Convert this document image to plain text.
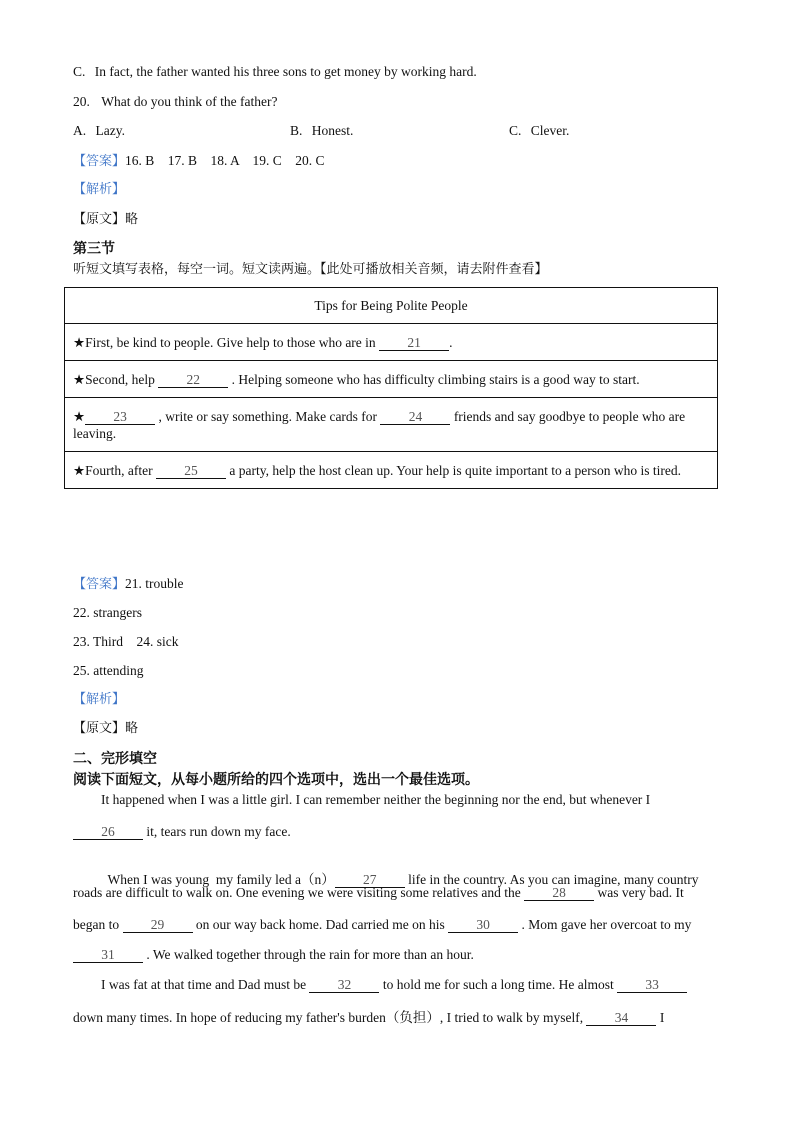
C. In fact, the father wanted his three sons to get money by working hard.
20. What do you think of the father?
A. Lazy.	B. Honest.	C. Clever.
【答案】16. B    17. B    18. A    19. C    20. C
【解析】
【原文】略
第三节
听短文填写表格，每空一词。短文读两遍。【此处可播放相关音频，请去附件查看】
Tips for Being Polite People
★First, be kind to people. Give help to those who are in 21 .
★Second, help 22 . Helping someone who has difficulty climbing stairs is a good way to start.
★ 23 , write or say something. Make cards for 24 friends and say goodbye to people who are leaving.
★Fourth, after 25 a party, help the host clean up. Your help is quite important to a person who is tired.
【答案】21. trouble
22. strangers
23. Third    24. sick
25. attending
【解析】
【原文】略
二、完形填空
阅读下面短文，从每小题所给的四个选项中，选出一个最佳选项。
It happened when I was a little girl. I can remember neither the beginning nor the end, but whenever I
26 it, tears run down my face.

When I was young  my family led a（n） 27 life in the country. As you can imagine, many country

roads are difficult to walk on. One evening we were visiting some relatives and the 28 was very bad. It
began to 29 on our way back home. Dad carried me on his 30 . Mom gave her overcoat to my
31 . We walked together through the rain for more than an hour.
I was fat at that time and Dad must be 32 to hold me for such a long time. He almost 33
down many times. In hope of reducing my father's burden（负担）, I tried to walk by myself, 34 I
